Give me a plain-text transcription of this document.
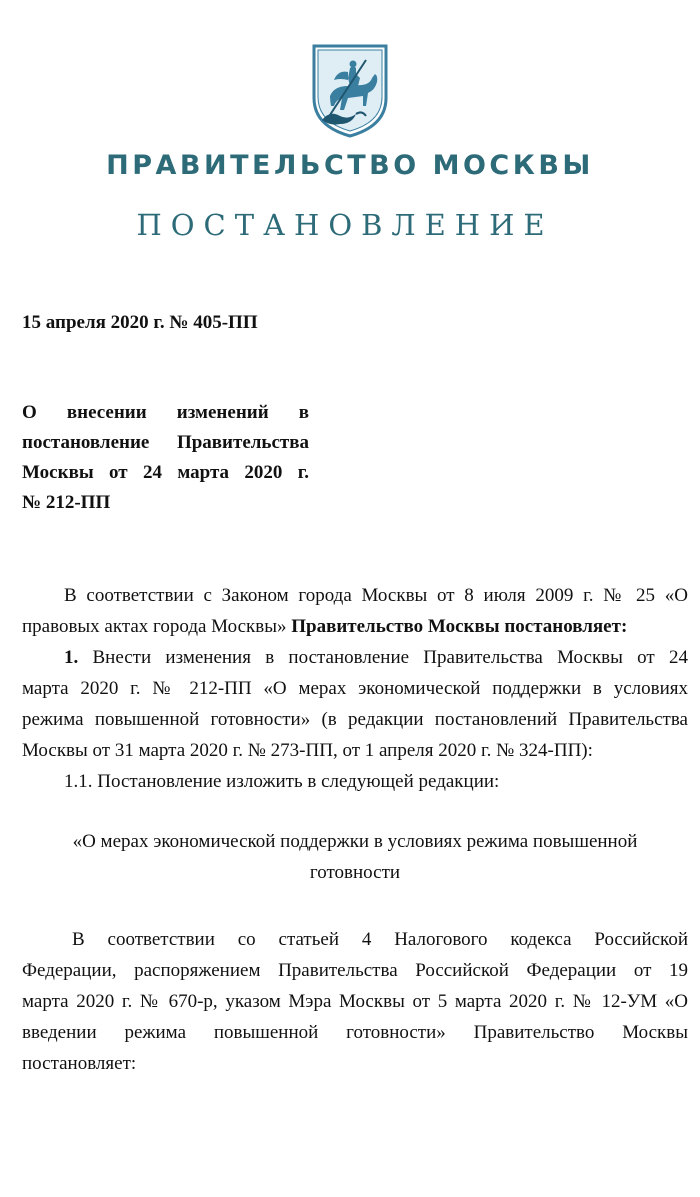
ПРАВИТЕЛЬСТВО МОСКВЫ
ПОСТАНОВЛЕНИЕ
15 апреля 2020 г. № 405-ПП
О внесении изменений в
постановление Правительства
Москвы от 24 марта 2020 г.
№ 212-ПП
В соответствии с Законом города Москвы от 8 июля 2009 г. № 25 «О
правовых актах города Москвы» Правительство Москвы постановляет:
1. Внести изменения в постановление Правительства Москвы от 24
марта 2020 г. № 212-ПП «О мерах экономической поддержки в условиях
режима повышенной готовности» (в редакции постановлений Правительства
Москвы от 31 марта 2020 г. № 273-ПП, от 1 апреля 2020 г. № 324-ПП):
1.1. Постановление изложить в следующей редакции:
«О мерах экономической поддержки в условиях режима повышенной
готовности
В соответствии со статьей 4 Налогового кодекса Российской
Федерации, распоряжением Правительства Российской Федерации от 19
марта 2020 г. № 670-р, указом Мэра Москвы от 5 марта 2020 г. № 12-УМ «О
введении режима повышенной готовности» Правительство Москвы
постановляет:
